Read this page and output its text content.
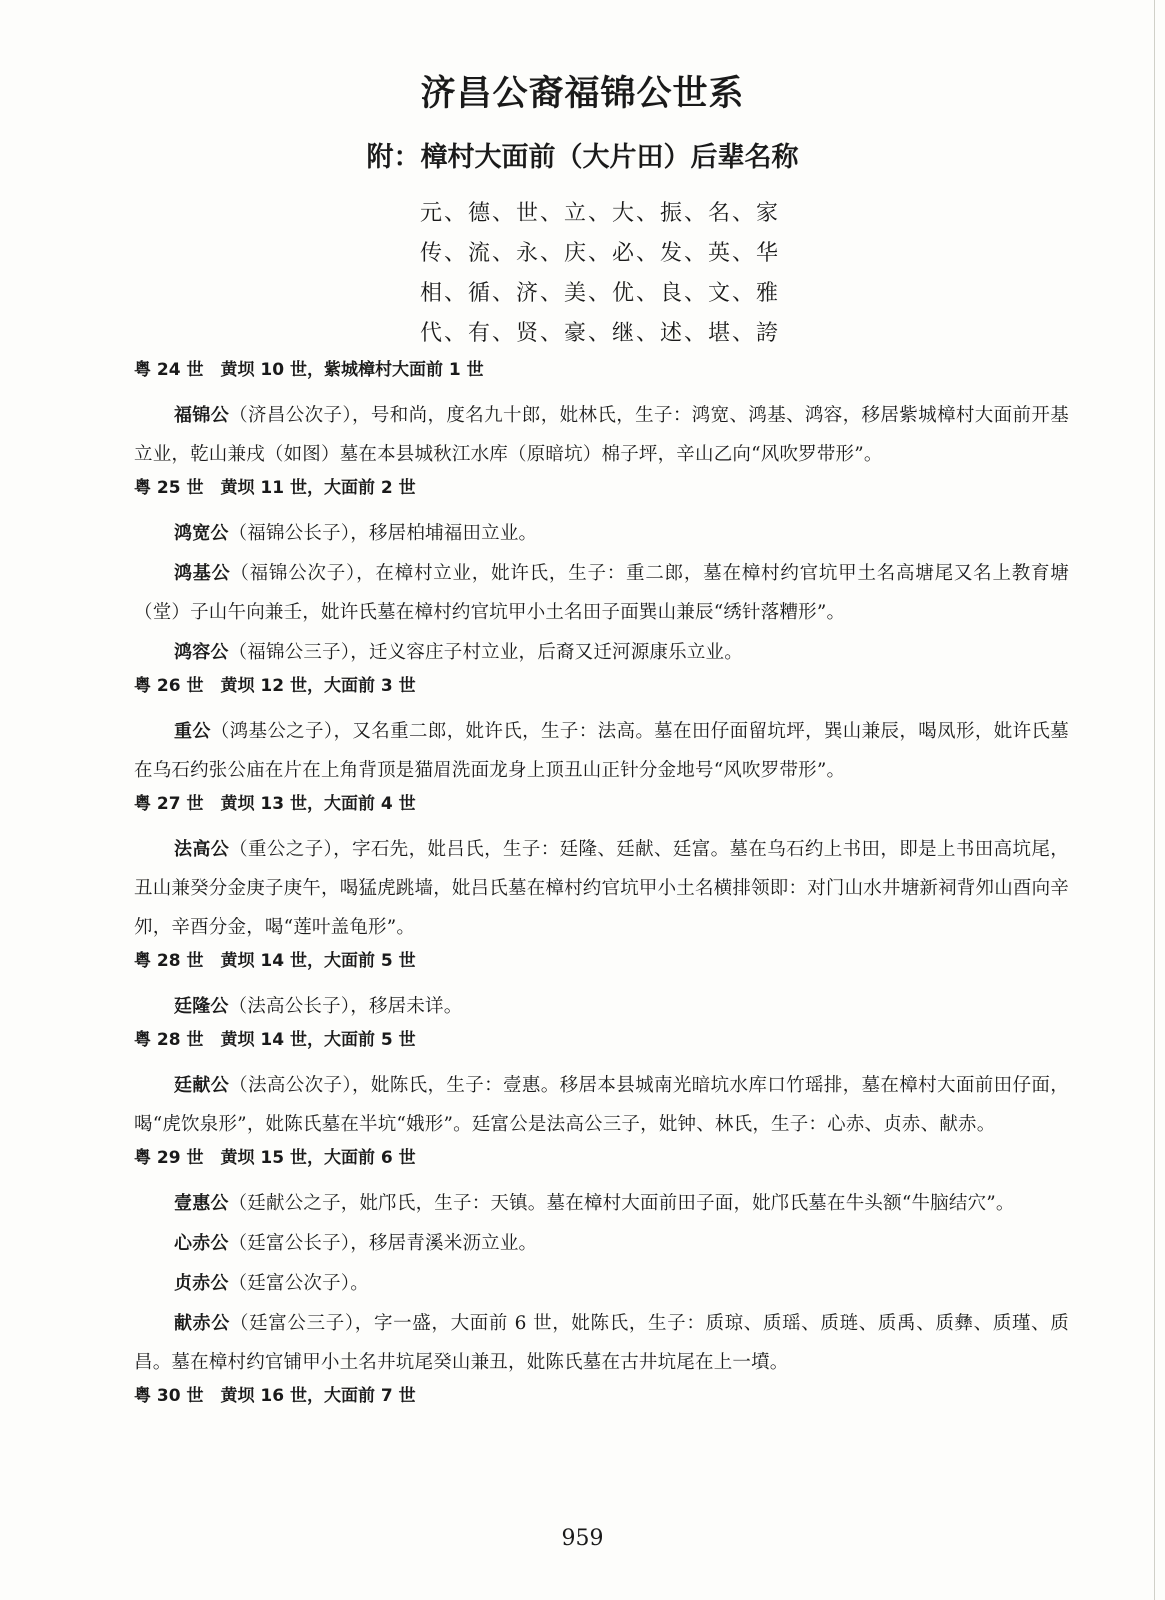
济昌公裔福锦公世系
附：樟村大面前（大片田）后辈名称
元、德、世、立、大、振、名、家
传、流、永、庆、必、发、英、华
相、循、济、美、优、良、文、雅
代、有、贤、豪、继、述、堪、誇
粤 24 世　黄坝 10 世，紫城樟村大面前 1 世

福锦公（济昌公次子），号和尚，度名九十郎，妣林氏，生子：鸿宽、鸿基、鸿容，移居紫城樟村大面前开基立业，乾山兼戌（如图）墓在本县城秋江水库（原暗坑）棉子坪，辛山乙向“风吹罗带形”。

粤 25 世　黄坝 11 世，大面前 2 世

鸿宽公（福锦公长子），移居柏埔福田立业。

鸿基公（福锦公次子），在樟村立业，妣许氏，生子：重二郎，墓在樟村约官坑甲土名高塘尾又名上教育塘（堂）子山午向兼壬，妣许氏墓在樟村约官坑甲小土名田子面巽山兼辰“绣针落糟形”。

鸿容公（福锦公三子），迁义容庄子村立业，后裔又迁河源康乐立业。

粤 26 世　黄坝 12 世，大面前 3 世

重公（鸿基公之子），又名重二郎，妣许氏，生子：法高。墓在田仔面留坑坪，巽山兼辰，喝凤形，妣许氏墓在乌石约张公庙在片在上角背顶是猫眉洗面龙身上顶丑山正针分金地号“风吹罗带形”。

粤 27 世　黄坝 13 世，大面前 4 世

法高公（重公之子），字石先，妣吕氏，生子：廷隆、廷献、廷富。墓在乌石约上书田，即是上书田高坑尾，丑山兼癸分金庚子庚午，喝猛虎跳墙，妣吕氏墓在樟村约官坑甲小土名横排领即：对门山水井塘新祠背夘山酉向辛夘，辛酉分金，喝“莲叶盖龟形”。

粤 28 世　黄坝 14 世，大面前 5 世

廷隆公（法高公长子），移居未详。

粤 28 世　黄坝 14 世，大面前 5 世

廷献公（法高公次子），妣陈氏，生子：壹惠。移居本县城南光暗坑水库口竹瑶排，墓在樟村大面前田仔面，喝“虎饮泉形”，妣陈氏墓在半坑“娥形”。廷富公是法高公三子，妣钟、林氏，生子：心赤、贞赤、献赤。

粤 29 世　黄坝 15 世，大面前 6 世

壹惠公（廷献公之子，妣邝氏，生子：天镇。墓在樟村大面前田子面，妣邝氏墓在牛头额“牛脑结穴”。

心赤公（廷富公长子），移居青溪米沥立业。

贞赤公（廷富公次子）。

献赤公（廷富公三子），字一盛，大面前 6 世，妣陈氏，生子：质琼、质瑶、质琏、质禹、质彝、质瑾、质昌。墓在樟村约官铺甲小土名井坑尾癸山兼丑，妣陈氏墓在古井坑尾在上一墳。

粤 30 世　黄坝 16 世，大面前 7 世
959
